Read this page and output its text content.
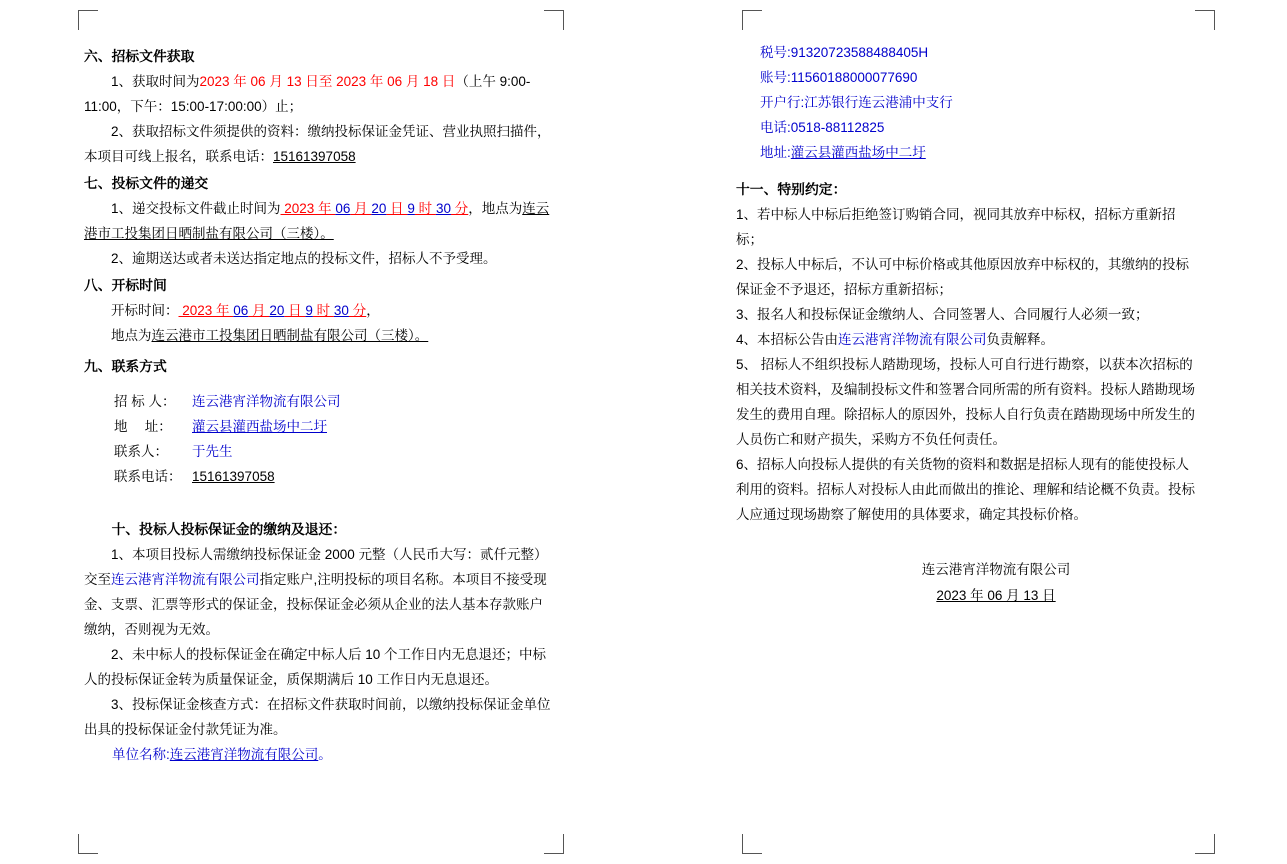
六、招标文件获取

1、获取时间为2023 年 06 月 13 日至 2023 年 06 月 18 日（上午 9:00-11:00，下午：15:00-17:00:00）止；

2、获取招标文件须提供的资料：缴纳投标保证金凭证、营业执照扫描件，本项目可线上报名，联系电话：15161397058　

七、投标文件的递交

1、递交投标文件截止时间为 2023 年 06 月 20 日 9 时 30 分，地点为连云港市工投集团日晒制盐有限公司（三楼）。

2、逾期送达或者未送达指定地点的投标文件，招标人不予受理。

八、开标时间

开标时间： 2023 年 06 月 20 日 9 时 30 分，

地点为连云港市工投集团日晒制盐有限公司（三楼）。

九、联系方式

招 标 人： 连云港宵洋物流有限公司

地　 址： 灌云县灌西盐场中二圩

联系人： 于先生

联系电话： 15161397058　

十、投标人投标保证金的缴纳及退还：

1、本项目投标人需缴纳投标保证金 2000 元整（人民币大写：贰仟元整）交至连云港宵洋物流有限公司指定账户,注明投标的项目名称。本项目不接受现金、支票、汇票等形式的保证金，投标保证金必须从企业的法人基本存款账户缴纳，否则视为无效。

2、未中标人的投标保证金在确定中标人后 10 个工作日内无息退还；中标人的投标保证金转为质量保证金，质保期满后 10 工作日内无息退还。

3、投标保证金核查方式：在招标文件获取时间前，以缴纳投标保证金单位出具的投标保证金付款凭证为准。

单位名称:连云港宵洋物流有限公司。

税号:91320723588488405H

账号:11560188000077690

开户行:江苏银行连云港浦中支行

电话:0518-88112825

地址:灌云县灌西盐场中二圩

十一、特别约定：

1、若中标人中标后拒绝签订购销合同，视同其放弃中标权，招标方重新招标；

2、投标人中标后，不认可中标价格或其他原因放弃中标权的，其缴纳的投标保证金不予退还，招标方重新招标；

3、报名人和投标保证金缴纳人、合同签署人、合同履行人必须一致；

4、本招标公告由连云港宵洋物流有限公司负责解释。

5、 招标人不组织投标人踏勘现场，投标人可自行进行勘察，以获本次招标的相关技术资料，及编制投标文件和签署合同所需的所有资料。投标人踏勘现场发生的费用自理。除招标人的原因外，投标人自行负责在踏勘现场中所发生的人员伤亡和财产损失，采购方不负任何责任。

6、招标人向投标人提供的有关货物的资料和数据是招标人现有的能使投标人利用的资料。招标人对投标人由此而做出的推论、理解和结论概不负责。投标人应通过现场勘察了解使用的具体要求，确定其投标价格。

连云港宵洋物流有限公司

2023 年 06 月 13 日
